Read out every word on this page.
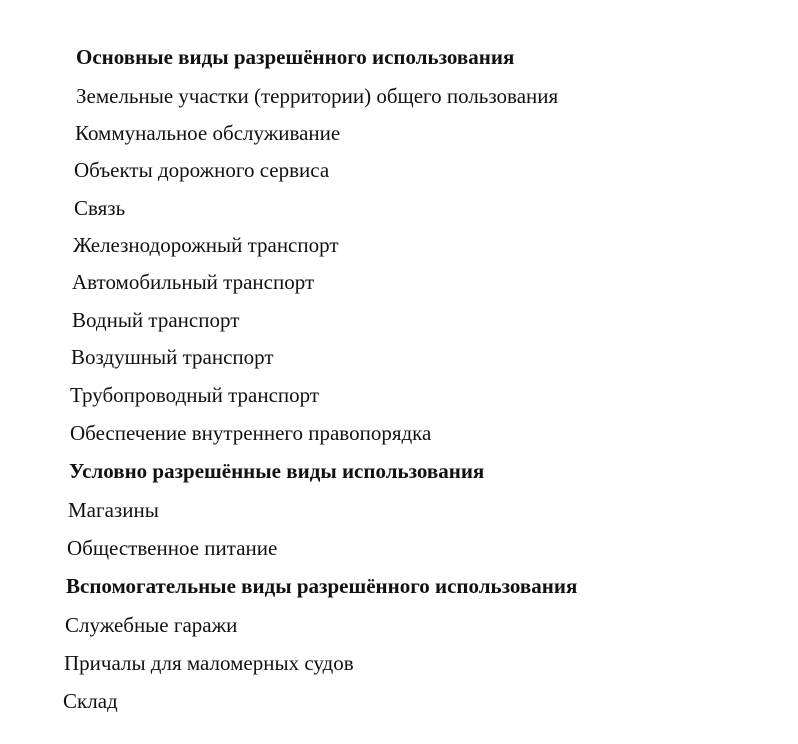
Основные виды разрешённого использования
Земельные участки (территории) общего пользования
Коммунальное обслуживание
Объекты дорожного сервиса
Связь
Железнодорожный транспорт
Автомобильный транспорт
Водный транспорт
Воздушный транспорт
Трубопроводный транспорт
Обеспечение внутреннего правопорядка
Условно разрешённые виды использования
Магазины
Общественное питание
Вспомогательные виды разрешённого использования
Служебные гаражи
Причалы для маломерных судов
Склад
